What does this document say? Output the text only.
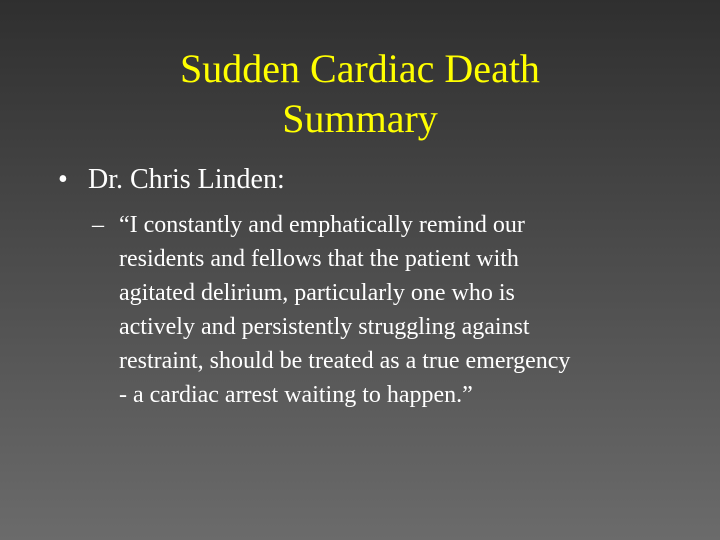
Sudden Cardiac Death
Summary
• Dr. Chris Linden:
– “I constantly and emphatically remind our
residents and fellows that the patient with
agitated delirium, particularly one who is
actively and persistently struggling against
restraint, should be treated as a true emergency
- a cardiac arrest waiting to happen.”
